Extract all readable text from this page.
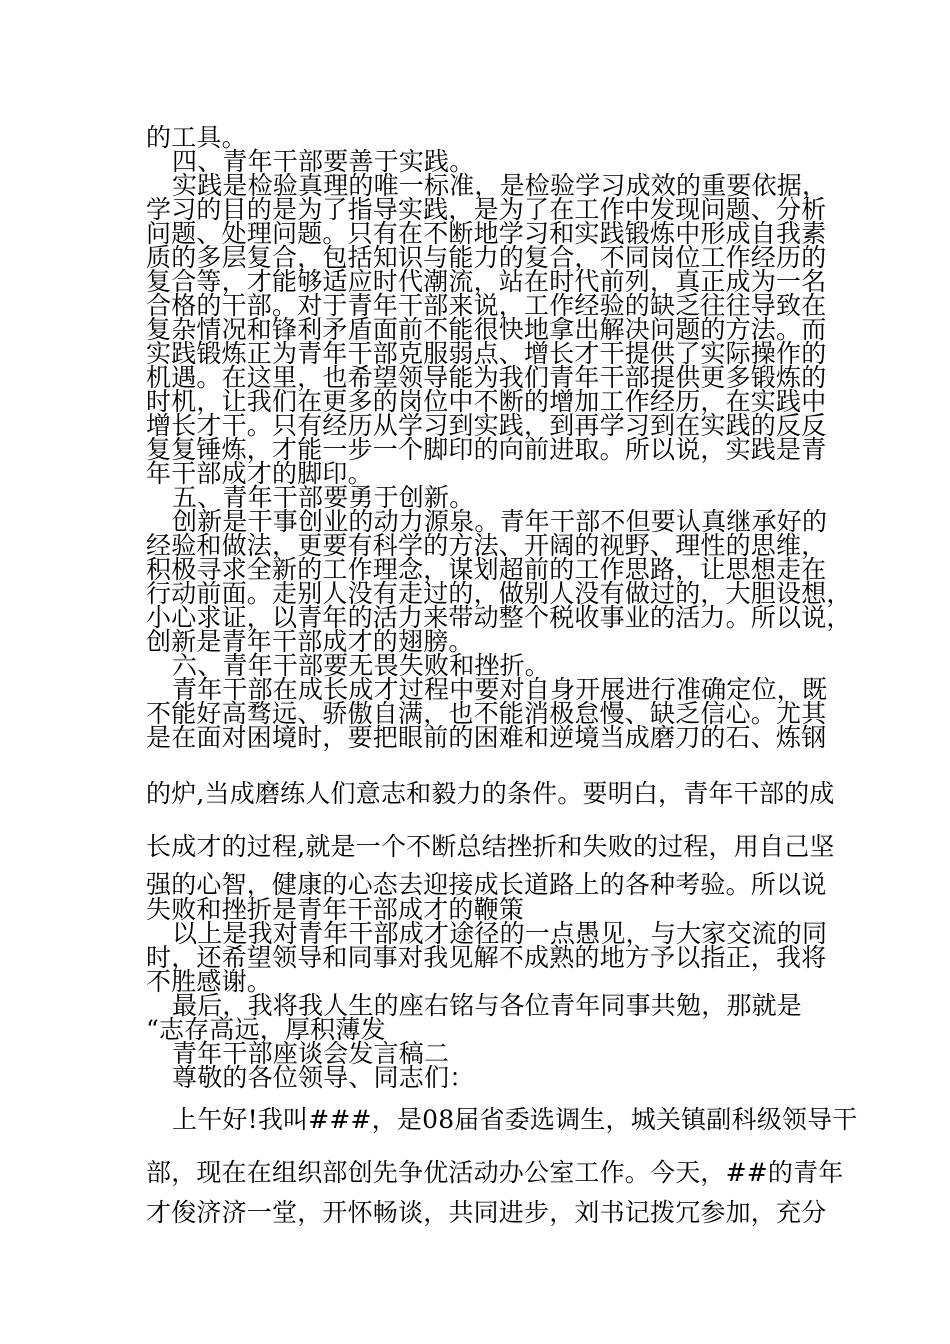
的工具。
四、青年干部要善于实践。
实践是检验真理的唯一标准，是检验学习成效的重要依据，
学习的目的是为了指导实践，是为了在工作中发现问题、分析
问题、处理问题。只有在不断地学习和实践锻炼中形成自我素
质的多层复合，包括知识与能力的复合，不同岗位工作经历的
复合等，才能够适应时代潮流，站在时代前列，真正成为一名
合格的干部。对于青年干部来说，工作经验的缺乏往往导致在
复杂情况和锋利矛盾面前不能很快地拿出解决问题的方法。而
实践锻炼正为青年干部克服弱点、增长才干提供了实际操作的
机遇。在这里，也希望领导能为我们青年干部提供更多锻炼的
时机，让我们在更多的岗位中不断的增加工作经历，在实践中
增长才干。只有经历从学习到实践，到再学习到在实践的反反
复复锤炼，才能一步一个脚印的向前进取。所以说，实践是青
年干部成才的脚印。
五、青年干部要勇于创新。
创新是干事创业的动力源泉。青年干部不但要认真继承好的
经验和做法，更要有科学的方法、开阔的视野、理性的思维，
积极寻求全新的工作理念，谋划超前的工作思路，让思想走在
行动前面。走别人没有走过的，做别人没有做过的，大胆设想，
小心求证，以青年的活力来带动整个税收事业的活力。所以说，
创新是青年干部成才的翅膀。
六、青年干部要无畏失败和挫折。
青年干部在成长成才过程中要对自身开展进行准确定位，既
不能好高骛远、骄傲自满，也不能消极怠慢、缺乏信心。尤其
是在面对困境时，要把眼前的困难和逆境当成磨刀的石、炼钢
的炉,当成磨练人们意志和毅力的条件。要明白，青年干部的成
长成才的过程,就是一个不断总结挫折和失败的过程，用自己坚
强的心智，健康的心态去迎接成长道路上的各种考验。所以说
失败和挫折是青年干部成才的鞭策
以上是我对青年干部成才途径的一点愚见，与大家交流的同
时，还希望领导和同事对我见解不成熟的地方予以指正，我将
不胜感谢。
最后，我将我人生的座右铭与各位青年同事共勉，那就是
“志存高远，厚积薄发
青年干部座谈会发言稿二
尊敬的各位领导、同志们：
上午好!我叫###，是08届省委选调生，城关镇副科级领导干
部，现在在组织部创先争优活动办公室工作。今天，##的青年
才俊济济一堂，开怀畅谈，共同进步，刘书记拨冗参加，充分
